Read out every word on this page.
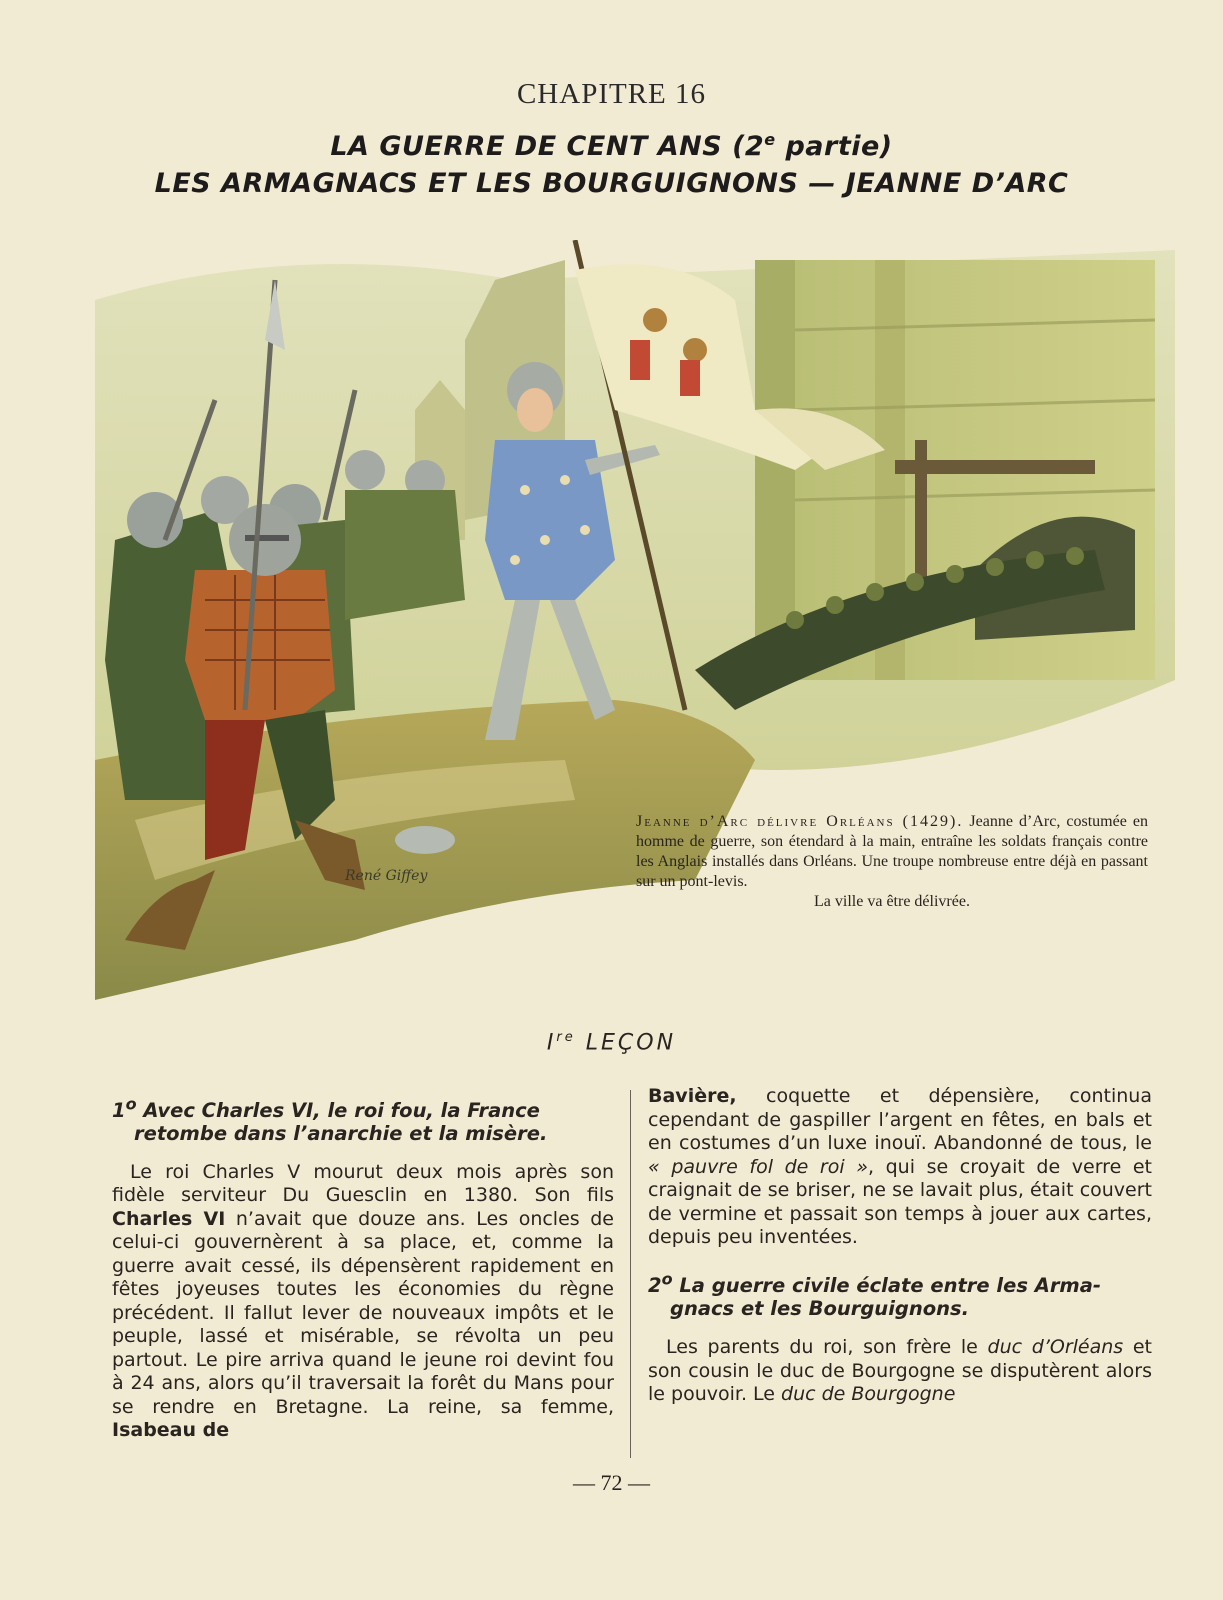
CHAPITRE 16
LA GUERRE DE CENT ANS (2e partie)
LES ARMAGNACS ET LES BOURGUIGNONS — JEANNE D’ARC
René Giffey
Jeanne d’Arc délivre Orléans (1429). Jeanne d’Arc, costumée en homme de guerre, son étendard à la main, entraîne les soldats français contre les Anglais installés dans Orléans. Une troupe nombreuse entre déjà en passant sur un pont-levis.
La ville va être délivrée.
Ire LEÇON
1$^o$ Avec Charles VI, le roi fou, la France
retombe dans l’anarchie et la misère.

Le roi Charles V mourut deux mois après son fidèle serviteur Du Guesclin en 1380. Son fils Charles VI n’avait que douze ans. Les oncles de celui-ci gouvernèrent à sa place, et, comme la guerre avait cessé, ils dépensèrent rapidement en fêtes joyeuses toutes les économies du règne précédent. Il fallut lever de nouveaux impôts et le peuple, lassé et misérable, se révolta un peu partout. Le pire arriva quand le jeune roi devint fou à 24 ans, alors qu’il traversait la forêt du Mans pour se rendre en Bretagne. La reine, sa femme, Isabeau de

Bavière, coquette et dépensière, continua cependant de gaspiller l’argent en fêtes, en bals et en costumes d’un luxe inouï. Abandonné de tous, le « pauvre fol de roi », qui se croyait de verre et craignait de se briser, ne se lavait plus, était couvert de vermine et passait son temps à jouer aux cartes, depuis peu inventées.

2$^o$ La guerre civile éclate entre les Arma-
gnacs et les Bourguignons.

Les parents du roi, son frère le duc d’Orléans et son cousin le duc de Bourgogne se disputèrent alors le pouvoir. Le duc de Bourgogne

— 72 —
